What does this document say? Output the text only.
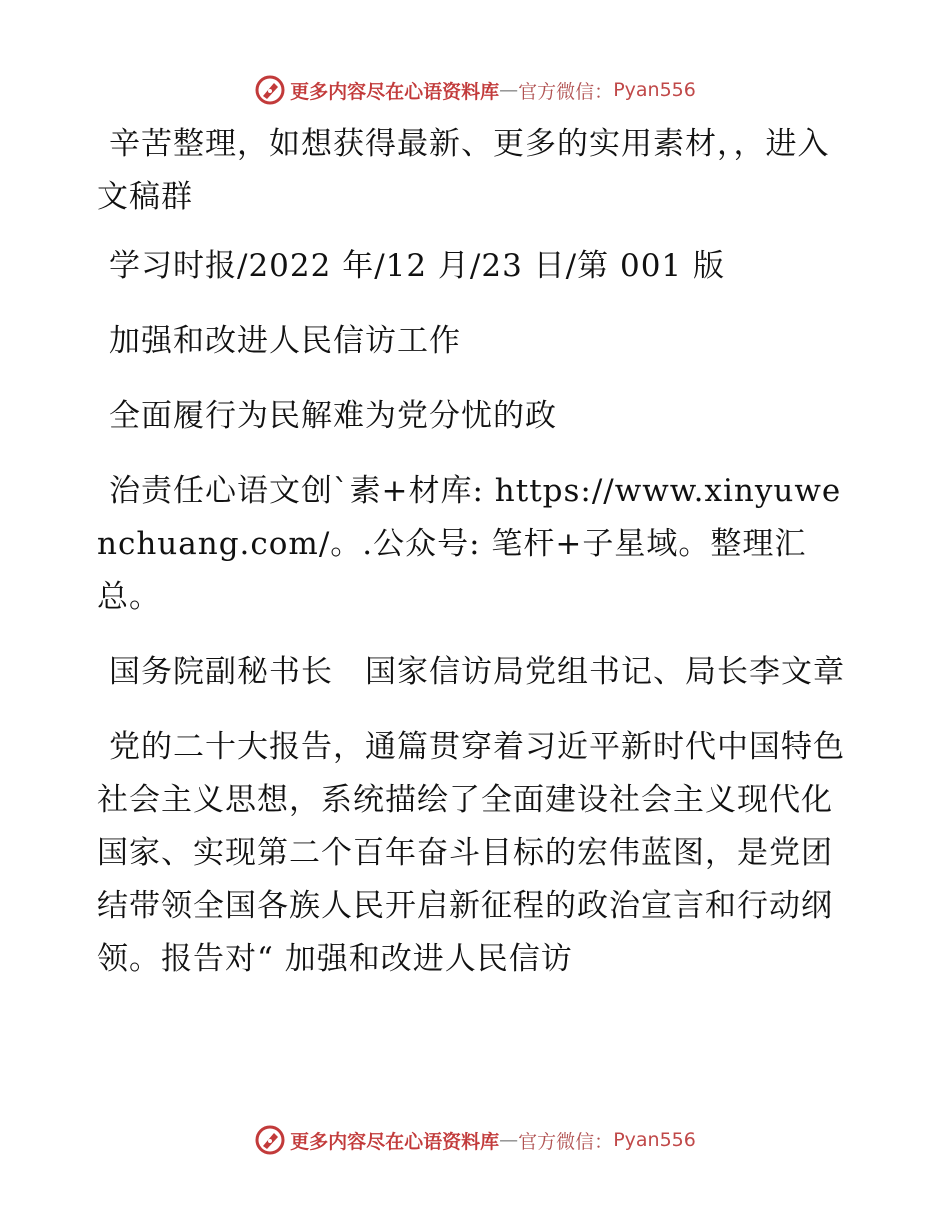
更多内容尽在心语资料库 — 官方微信： Pyan556

辛苦整理，如想获得最新、更多的实用素材，，进入文稿群

学习时报/2022 年/12 月/23 日/第 001 版

加强和改进人民信访工作

全面履行为民解难为党分忧的政

治责任心语文创`素+材库: https://www.xinyuwenchuang.com/。.公众号: 笔杆+子星域。整理汇总。

国务院副秘书长　国家信访局党组书记、局长李文章

党的二十大报告，通篇贯穿着习近平新时代中国特色社会主义思想，系统描绘了全面建设社会主义现代化国家、实现第二个百年奋斗目标的宏伟蓝图，是党团结带领全国各族人民开启新征程的政治宣言和行动纲领。报告对“ 加强和改进人民信访

更多内容尽在心语资料库 — 官方微信： Pyan556
